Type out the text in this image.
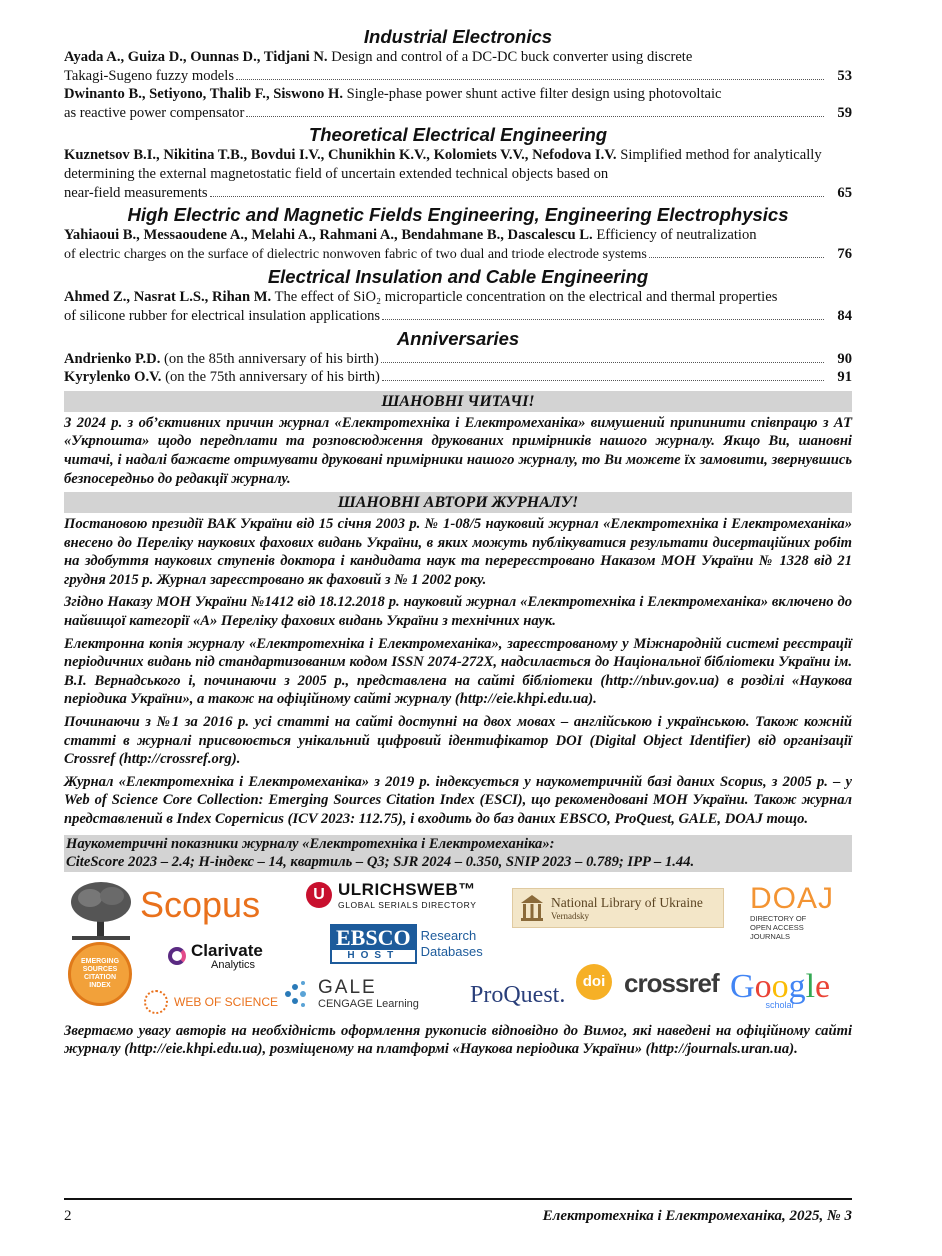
Industrial Electronics
Ayada A., Guiza D., Ounnas D., Tidjani N. Design and control of a DC-DC buck converter using discrete
Takagi-Sugeno fuzzy models	53
Dwinanto B., Setiyono, Thalib F., Siswono H. Single-phase power shunt active filter design using photovoltaic
as reactive power compensator	59
Theoretical Electrical Engineering
Kuznetsov B.I., Nikitina T.B., Bovdui I.V., Chunikhin K.V., Kolomiets V.V., Nefodova I.V. Simplified method for analytically determining the external magnetostatic field of uncertain extended technical objects based on
near-field measurements	65
High Electric and Magnetic Fields Engineering, Engineering Electrophysics
Yahiaoui B., Messaoudene A., Melahi A., Rahmani A., Bendahmane B., Dascalescu L. Efficiency of neutralization
of electric charges on the surface of dielectric nonwoven fabric of two dual and triode electrode systems	76
Electrical Insulation and Cable Engineering
Ahmed Z., Nasrat L.S., Rihan M. The effect of SiO₂ microparticle concentration on the electrical and thermal properties
of silicone rubber for electrical insulation applications	84
Anniversaries
Andrienko P.D.
(on the 85th anniversary of his birth)	90
Kyrylenko O.V.
(on the 75th anniversary of his birth)	91
ШАНОВНІ ЧИТАЧІ!
З 2024 р. з об’єктивних причин журнал «Електротехніка і Електромеханіка» вимушений припинити співпрацю з АТ «Укрпошта» щодо передплати та розповсюдження друкованих примірників нашого журналу. Якщо Ви, шановні читачі, і надалі бажаєте отримувати друковані примірники нашого журналу, то Ви можете їх замовити, звернувшись безпосередньо до редакції журналу.
ШАНОВНІ АВТОРИ ЖУРНАЛУ!
Постановою президії ВАК України від 15 січня 2003 р. № 1-08/5 науковий журнал «Електротехніка і Електромеханіка» внесено до Переліку наукових фахових видань України, в яких можуть публікуватися результати дисертаційних робіт на здобуття наукових ступенів доктора і кандидата наук та перереєстровано Наказом МОН України № 1328 від 21 грудня 2015 р. Журнал зареєстровано як фаховий з № 1 2002 року.
Згідно Наказу МОН України №1412 від 18.12.2018 р. науковий журнал «Електротехніка і Електромеханіка» включено до найвищої категорії «А» Переліку фахових видань України з технічних наук.
Електронна копія журналу «Електротехніка і Електромеханіка», зареєстрованому у Міжнародній системі реєстрації періодичних видань під стандартизованим кодом ISSN 2074-272X, надсилається до Національної бібліотеки України ім. В.І. Вернадського і, починаючи з 2005 р., представлена на сайті бібліотеки (http://nbuv.gov.ua) в розділі «Наукова періодика України», а також на офіційному сайті журналу (http://eie.khpi.edu.ua).
Починаючи з №1 за 2016 р. усі статті на сайті доступні на двох мовах – англійською і українською. Також кожній статті в журналі присвоюється унікальний цифровий ідентифікатор DOI (Digital Object Identifier) від організації Crossref (http://crossref.org).
Журнал «Електротехніка і Електромеханіка» з 2019 р. індексується у наукометричній базі даних Scopus, з 2005 р. – у Web of Science Core Collection: Emerging Sources Citation Index (ESCI), що рекомендовані МОН України. Також журнал представлений в Index Copernicus (ICV 2023: 112.75), і входить до баз даних EBSCO, ProQuest, GALE, DOAJ тощо.
Наукометричні показники журналу «Електротехніка і Електромеханіка»:
CiteScore 2023 – 2.4; H-індекс – 14, квартиль – Q3; SJR 2024 – 0.350, SNIP 2023 – 0.789; IPP – 1.44.
Scopus	U ULRICHSWEB™
GLOBAL SERIALS DIRECTORY	National Library of Ukraine
Vernadsky
DOAJ
DIRECTORY OF
OPEN ACCESS
JOURNALS
EMERGING
SOURCES
CITATION
INDEX
Clarivate
Analytics
EBSCO
HOST
Research
Databases
WEB OF SCIENCE
GALE
CENGAGE Learning ProQuest.
doi crossref Google
scholar
Звертаємо увагу авторів на необхідність оформлення рукописів відповідно до Вимог, які наведені на офіційному сайті журналу (http://eie.khpi.edu.ua), розміщеному на платформі «Наукова періодика України» (http://journals.uran.ua).
2	Електротехніка і Електромеханіка, 2025, № 3
